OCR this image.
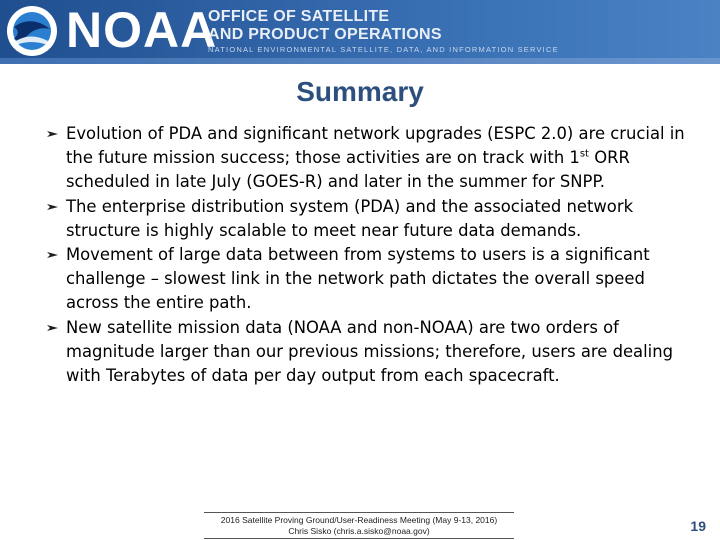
NOAA
OFFICE OF SATELLITE
AND PRODUCT OPERATIONS
NATIONAL ENVIRONMENTAL SATELLITE, DATA, AND INFORMATION SERVICE
Summary
Evolution of PDA and significant network upgrades (ESPC 2.0) are crucial in the future mission success; those activities are on track with 1st ORR scheduled in late July (GOES-R) and later in the summer for SNPP.
The enterprise distribution system (PDA) and the associated network structure is highly scalable to meet near future data demands.
Movement of large data between from systems to users is a significant challenge – slowest link in the network path dictates the overall speed across the entire path.
New satellite mission data (NOAA and non-NOAA) are two orders of magnitude larger than our previous missions; therefore, users are dealing with Terabytes of data per day output from each spacecraft.
2016 Satellite Proving Ground/User-Readiness Meeting (May 9-13, 2016)
Chris Sisko (chris.a.sisko@noaa.gov)	19
